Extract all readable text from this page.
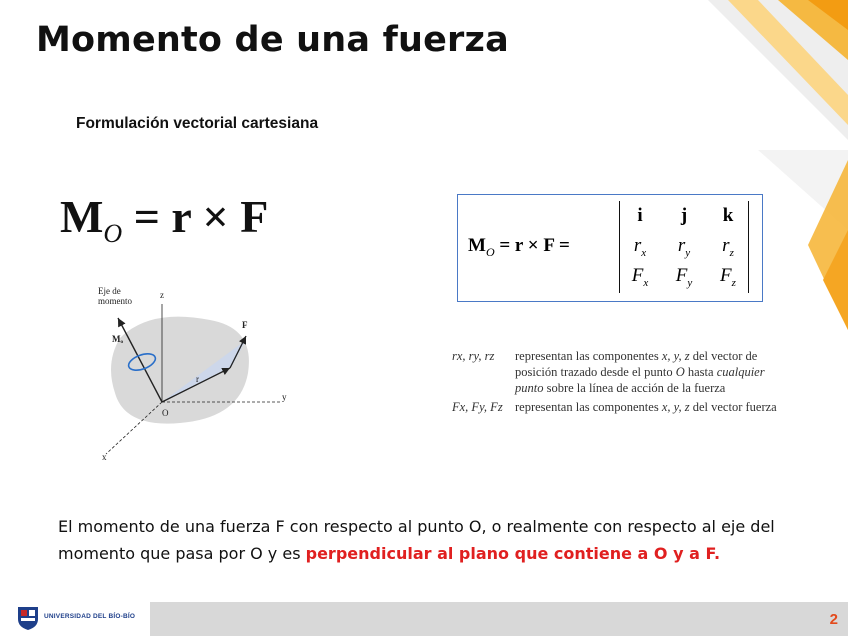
Momento de una fuerza
Formulación vectorial cartesiana
$M_O = r \times F$
$M_O = r \times F$ =
i	j	k
$r_x$	$r_y$	$r_z$
$F_x$	$F_y$	$F_z$
Eje de
momento
z
y
x
O
r
F
Mₒ
rx, ry, rz	representan las componentes x, y, z del vector de posición trazado desde el punto O hasta cualquier punto sobre la línea de acción de la fuerza
Fx, Fy, Fz representan las componentes x, y, z del vector fuerza
El momento de una fuerza F con respecto al punto O, o realmente con respecto al eje del momento que pasa por O y es perpendicular al plano que contiene a O y a F.
UNIVERSIDAD DEL BÍO-BÍO	2
